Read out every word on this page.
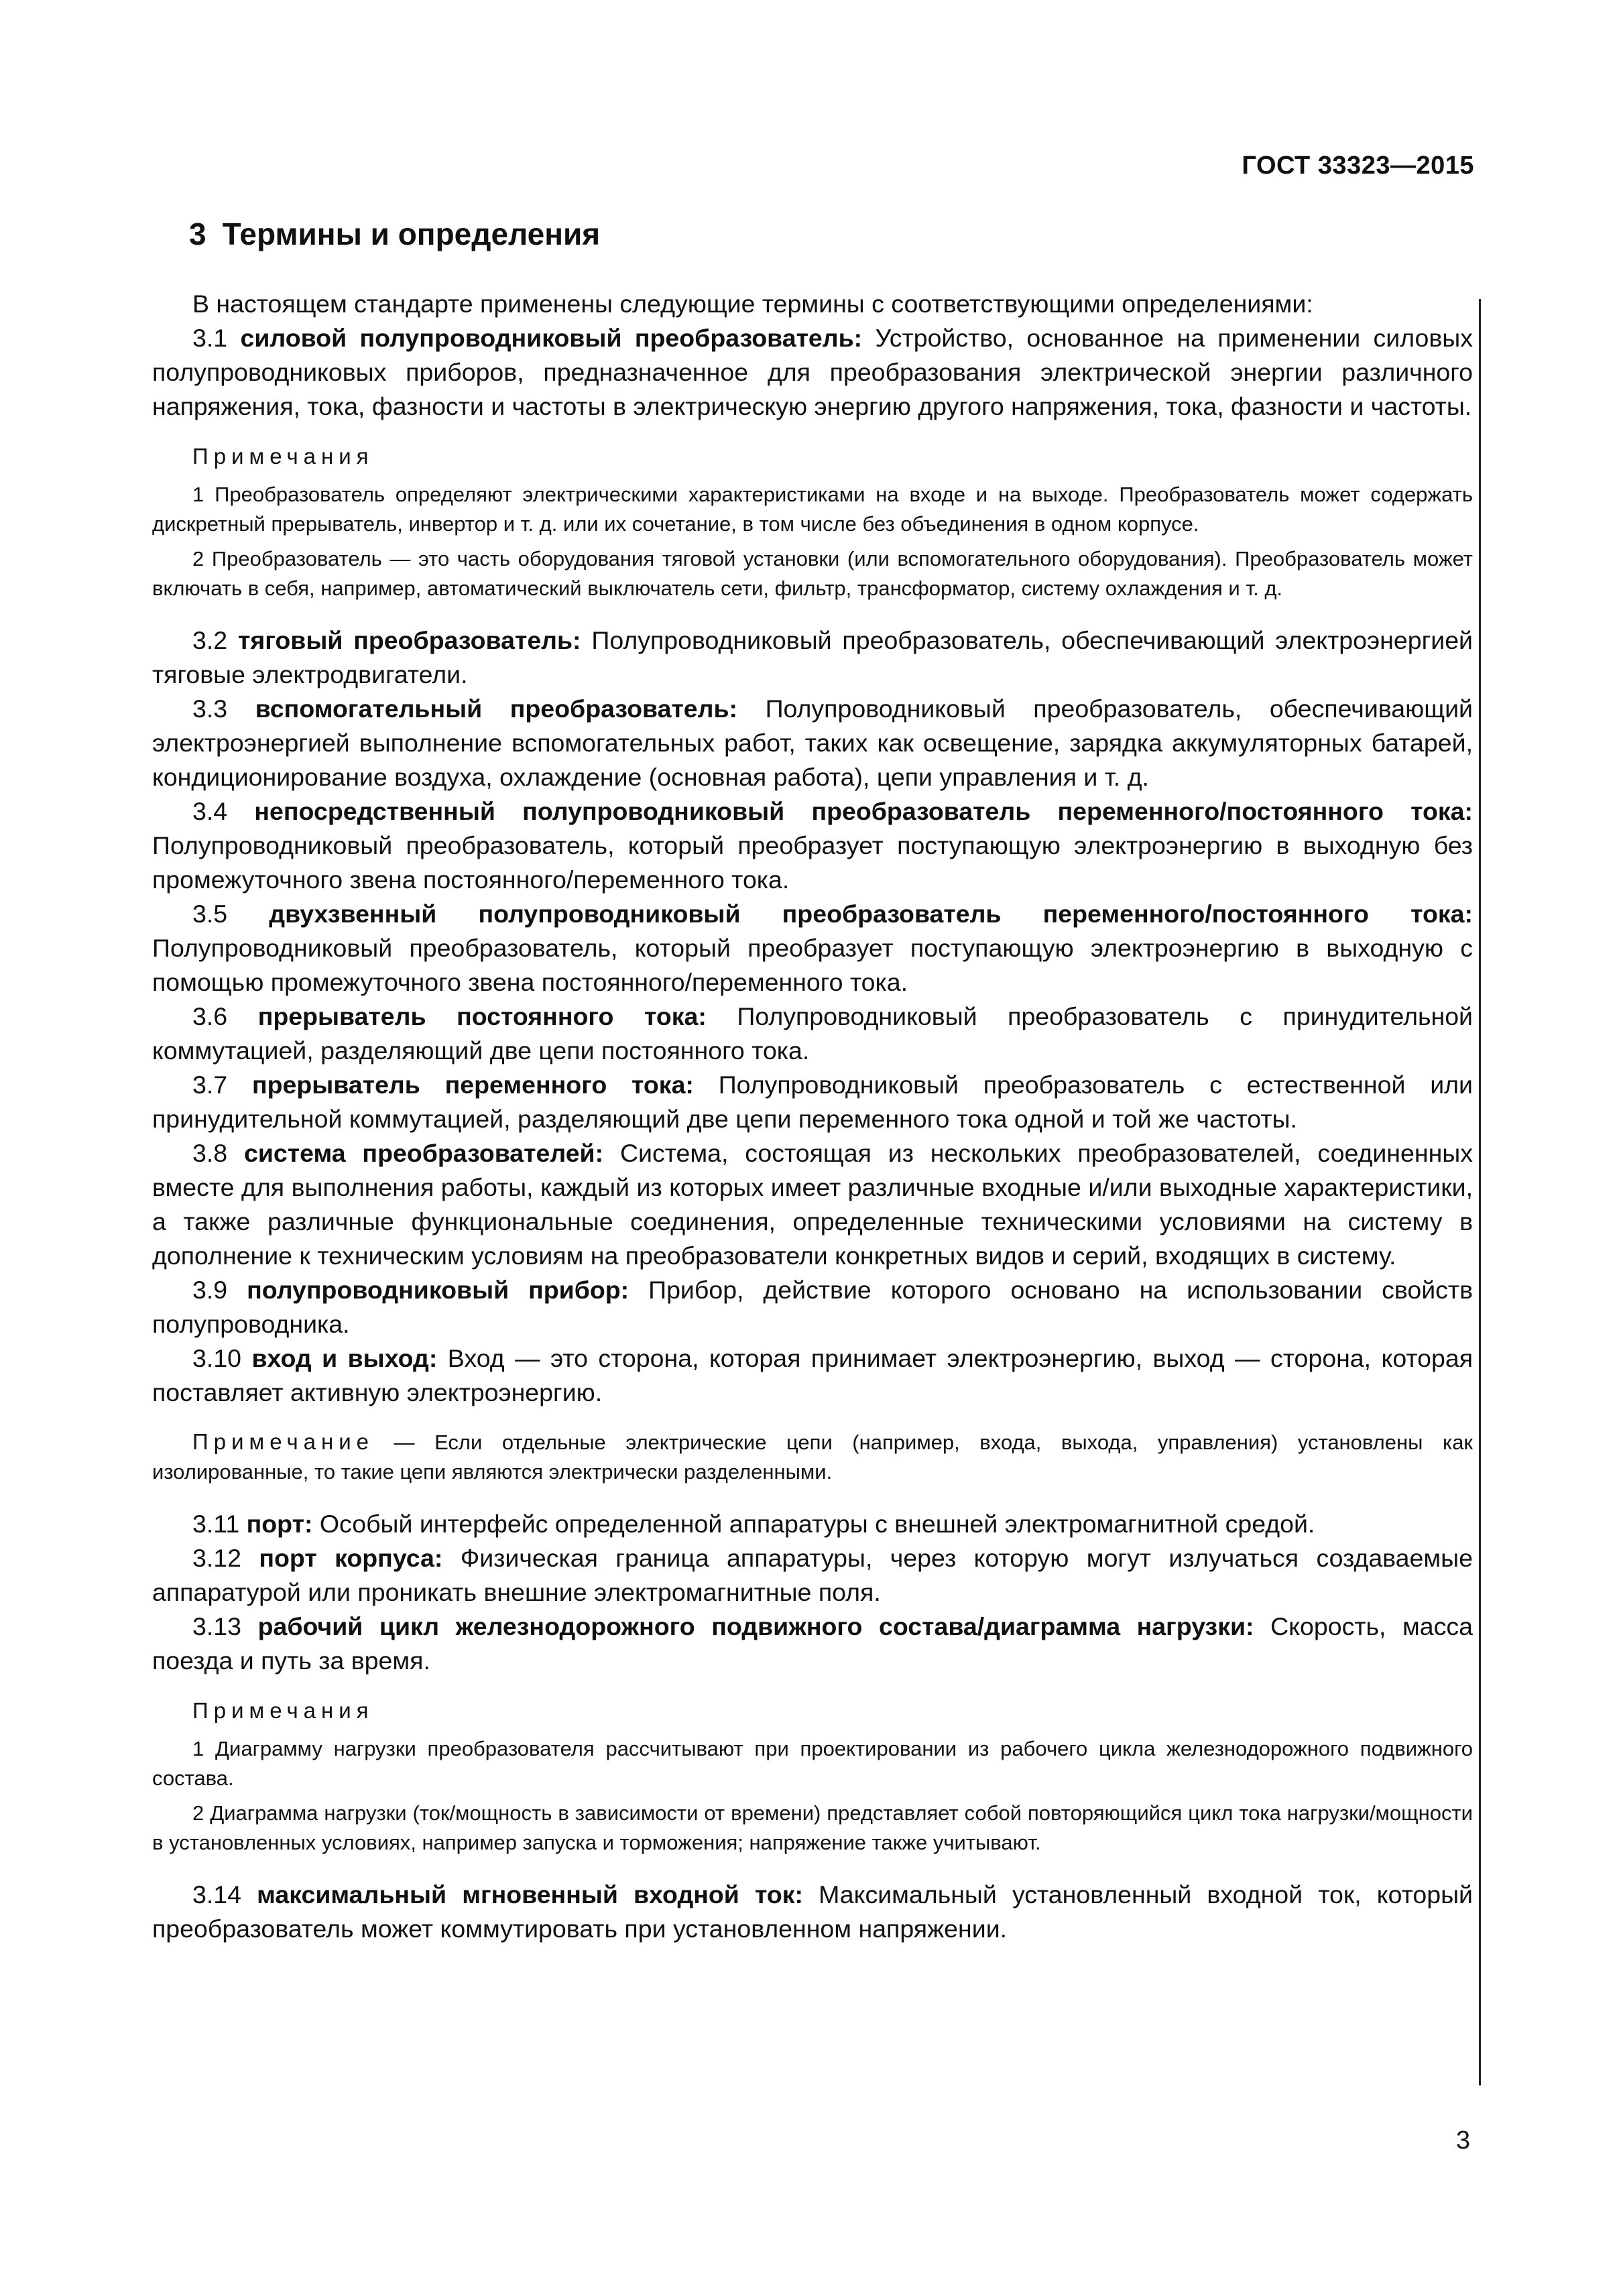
ГОСТ 33323—2015
3 Термины и определения

В настоящем стандарте применены следующие термины с соответствующими определениями:

3.1 силовой полупроводниковый преобразователь: Устройство, основанное на применении силовых полупроводниковых приборов, предназначенное для преобразования электрической энергии различного напряжения, тока, фазности и частоты в электрическую энергию другого напряжения, тока, фазности и частоты.

Примечания

1 Преобразователь определяют электрическими характеристиками на входе и на выходе. Преобразователь может содержать дискретный прерыватель, инвертор и т. д. или их сочетание, в том числе без объединения в одном корпусе.

2 Преобразователь — это часть оборудования тяговой установки (или вспомогательного оборудования). Преобразователь может включать в себя, например, автоматический выключатель сети, фильтр, трансформатор, систему охлаждения и т. д.

3.2 тяговый преобразователь: Полупроводниковый преобразователь, обеспечивающий электроэнергией тяговые электродвигатели.

3.3 вспомогательный преобразователь: Полупроводниковый преобразователь, обеспечивающий электроэнергией выполнение вспомогательных работ, таких как освещение, зарядка аккумуляторных батарей, кондиционирование воздуха, охлаждение (основная работа), цепи управления и т. д.

3.4 непосредственный полупроводниковый преобразователь переменного/постоянного тока: Полупроводниковый преобразователь, который преобразует поступающую электроэнергию в выходную без промежуточного звена постоянного/переменного тока.

3.5 двухзвенный полупроводниковый преобразователь переменного/постоянного тока: Полупроводниковый преобразователь, который преобразует поступающую электроэнергию в выходную с помощью промежуточного звена постоянного/переменного тока.

3.6 прерыватель постоянного тока: Полупроводниковый преобразователь с принудительной коммутацией, разделяющий две цепи постоянного тока.

3.7 прерыватель переменного тока: Полупроводниковый преобразователь с естественной или принудительной коммутацией, разделяющий две цепи переменного тока одной и той же частоты.

3.8 система преобразователей: Система, состоящая из нескольких преобразователей, соединенных вместе для выполнения работы, каждый из которых имеет различные входные и/или выходные характеристики, а также различные функциональные соединения, определенные техническими условиями на систему в дополнение к техническим условиям на преобразователи конкретных видов и серий, входящих в систему.

3.9 полупроводниковый прибор: Прибор, действие которого основано на использовании свойств полупроводника.

3.10 вход и выход: Вход — это сторона, которая принимает электроэнергию, выход — сторона, которая поставляет активную электроэнергию.

Примечание — Если отдельные электрические цепи (например, входа, выхода, управления) установлены как изолированные, то такие цепи являются электрически разделенными.

3.11 порт: Особый интерфейс определенной аппаратуры с внешней электромагнитной средой.

3.12 порт корпуса: Физическая граница аппаратуры, через которую могут излучаться создаваемые аппаратурой или проникать внешние электромагнитные поля.

3.13 рабочий цикл железнодорожного подвижного состава/диаграмма нагрузки: Скорость, масса поезда и путь за время.

Примечания

1 Диаграмму нагрузки преобразователя рассчитывают при проектировании из рабочего цикла железнодорожного подвижного состава.

2 Диаграмма нагрузки (ток/мощность в зависимости от времени) представляет собой повторяющийся цикл тока нагрузки/мощности в установленных условиях, например запуска и торможения; напряжение также учитывают.

3.14 максимальный мгновенный входной ток: Максимальный установленный входной ток, который преобразователь может коммутировать при установленном напряжении.

3
